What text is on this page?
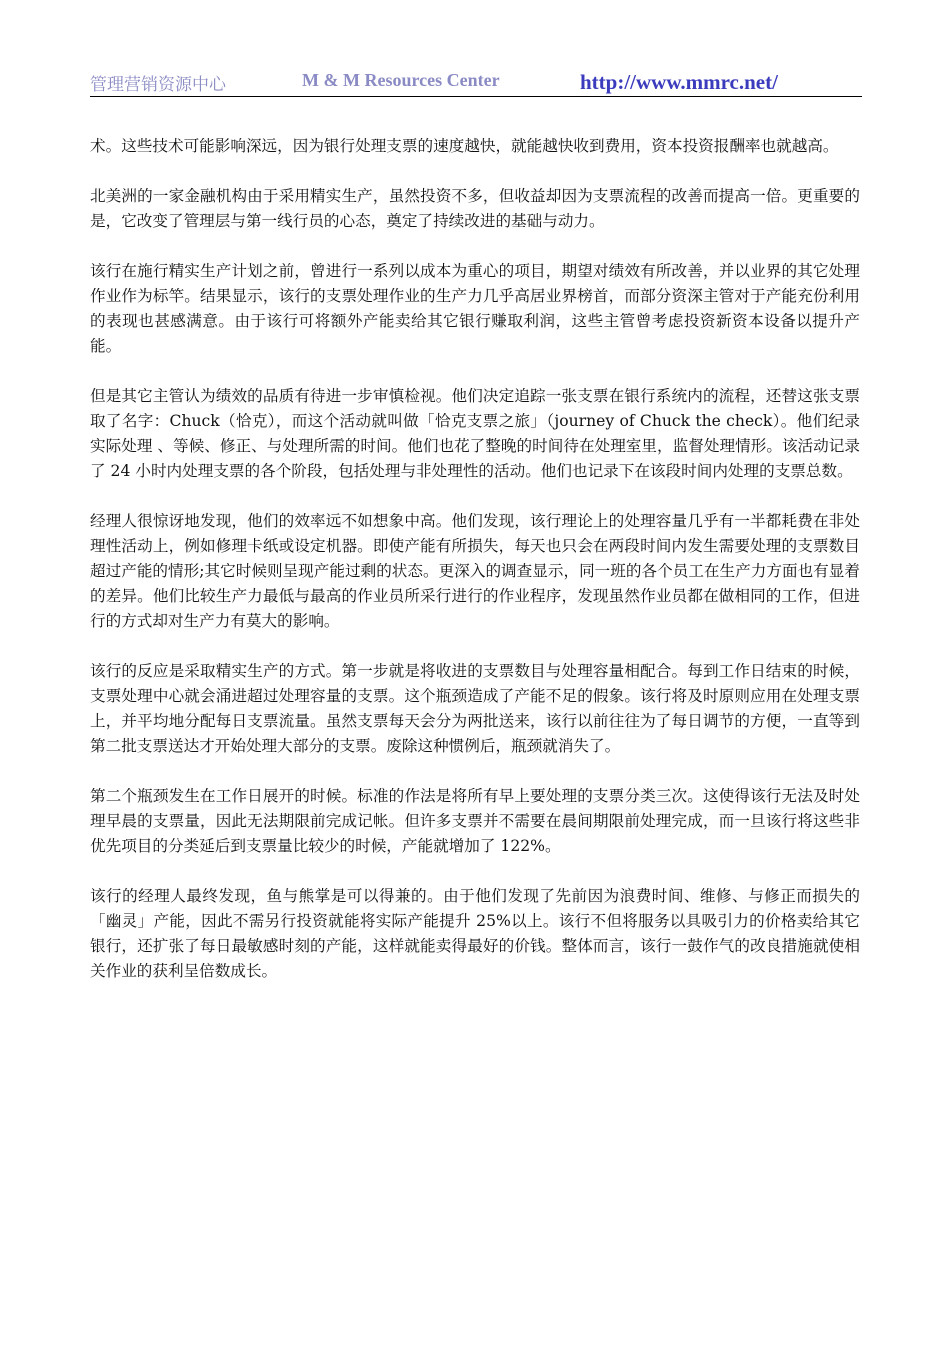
管理营销资源中心	M & M Resources Center	http://www.mmrc.net/

术。这些技术可能影响深远，因为银行处理支票的速度越快，就能越快收到费用，资本投资报酬率也就越高。

北美洲的一家金融机构由于采用精实生产，虽然投资不多，但收益却因为支票流程的改善而提高一倍。更重要的是，它改变了管理层与第一线行员的心态，奠定了持续改进的基础与动力。

该行在施行精实生产计划之前，曾进行一系列以成本为重心的项目，期望对绩效有所改善，并以业界的其它处理作业作为标竿。结果显示，该行的支票处理作业的生产力几乎高居业界榜首，而部分资深主管对于产能充份利用的表现也甚感满意。由于该行可将额外产能卖给其它银行赚取利润，这些主管曾考虑投资新资本设备以提升产能。

但是其它主管认为绩效的品质有待进一步审慎检视。他们决定追踪一张支票在银行系统内的流程，还替这张支票取了名字：Chuck（恰克），而这个活动就叫做「恰克支票之旅」（journey of Chuck the check）。他们纪录实际处理 、等候、修正、与处理所需的时间。他们也花了整晚的时间待在处理室里，监督处理情形。该活动记录了 24 小时内处理支票的各个阶段，包括处理与非处理性的活动。他们也记录下在该段时间内处理的支票总数。

经理人很惊讶地发现，他们的效率远不如想象中高。他们发现，该行理论上的处理容量几乎有一半都耗费在非处理性活动上，例如修理卡纸或设定机器。即使产能有所损失，每天也只会在两段时间内发生需要处理的支票数目超过产能的情形;其它时候则呈现产能过剩的状态。更深入的调查显示，同一班的各个员工在生产力方面也有显着的差异。他们比较生产力最低与最高的作业员所采行进行的作业程序，发现虽然作业员都在做相同的工作，但进行的方式却对生产力有莫大的影响。

该行的反应是采取精实生产的方式。第一步就是将收进的支票数目与处理容量相配合。每到工作日结束的时候，支票处理中心就会涌进超过处理容量的支票。这个瓶颈造成了产能不足的假象。该行将及时原则应用在处理支票上，并平均地分配每日支票流量。虽然支票每天会分为两批送来，该行以前往往为了每日调节的方便，一直等到第二批支票送达才开始处理大部分的支票。废除这种惯例后，瓶颈就消失了。

第二个瓶颈发生在工作日展开的时候。标准的作法是将所有早上要处理的支票分类三次。这使得该行无法及时处理早晨的支票量，因此无法期限前完成记帐。但许多支票并不需要在晨间期限前处理完成，而一旦该行将这些非优先项目的分类延后到支票量比较少的时候，产能就增加了 122%。

该行的经理人最终发现，鱼与熊掌是可以得兼的。由于他们发现了先前因为浪费时间、维修、与修正而损失的「幽灵」产能，因此不需另行投资就能将实际产能提升 25%以上。该行不但将服务以具吸引力的价格卖给其它银行，还扩张了每日最敏感时刻的产能，这样就能卖得最好的价钱。整体而言，该行一鼓作气的改良措施就使相关作业的获利呈倍数成长。
